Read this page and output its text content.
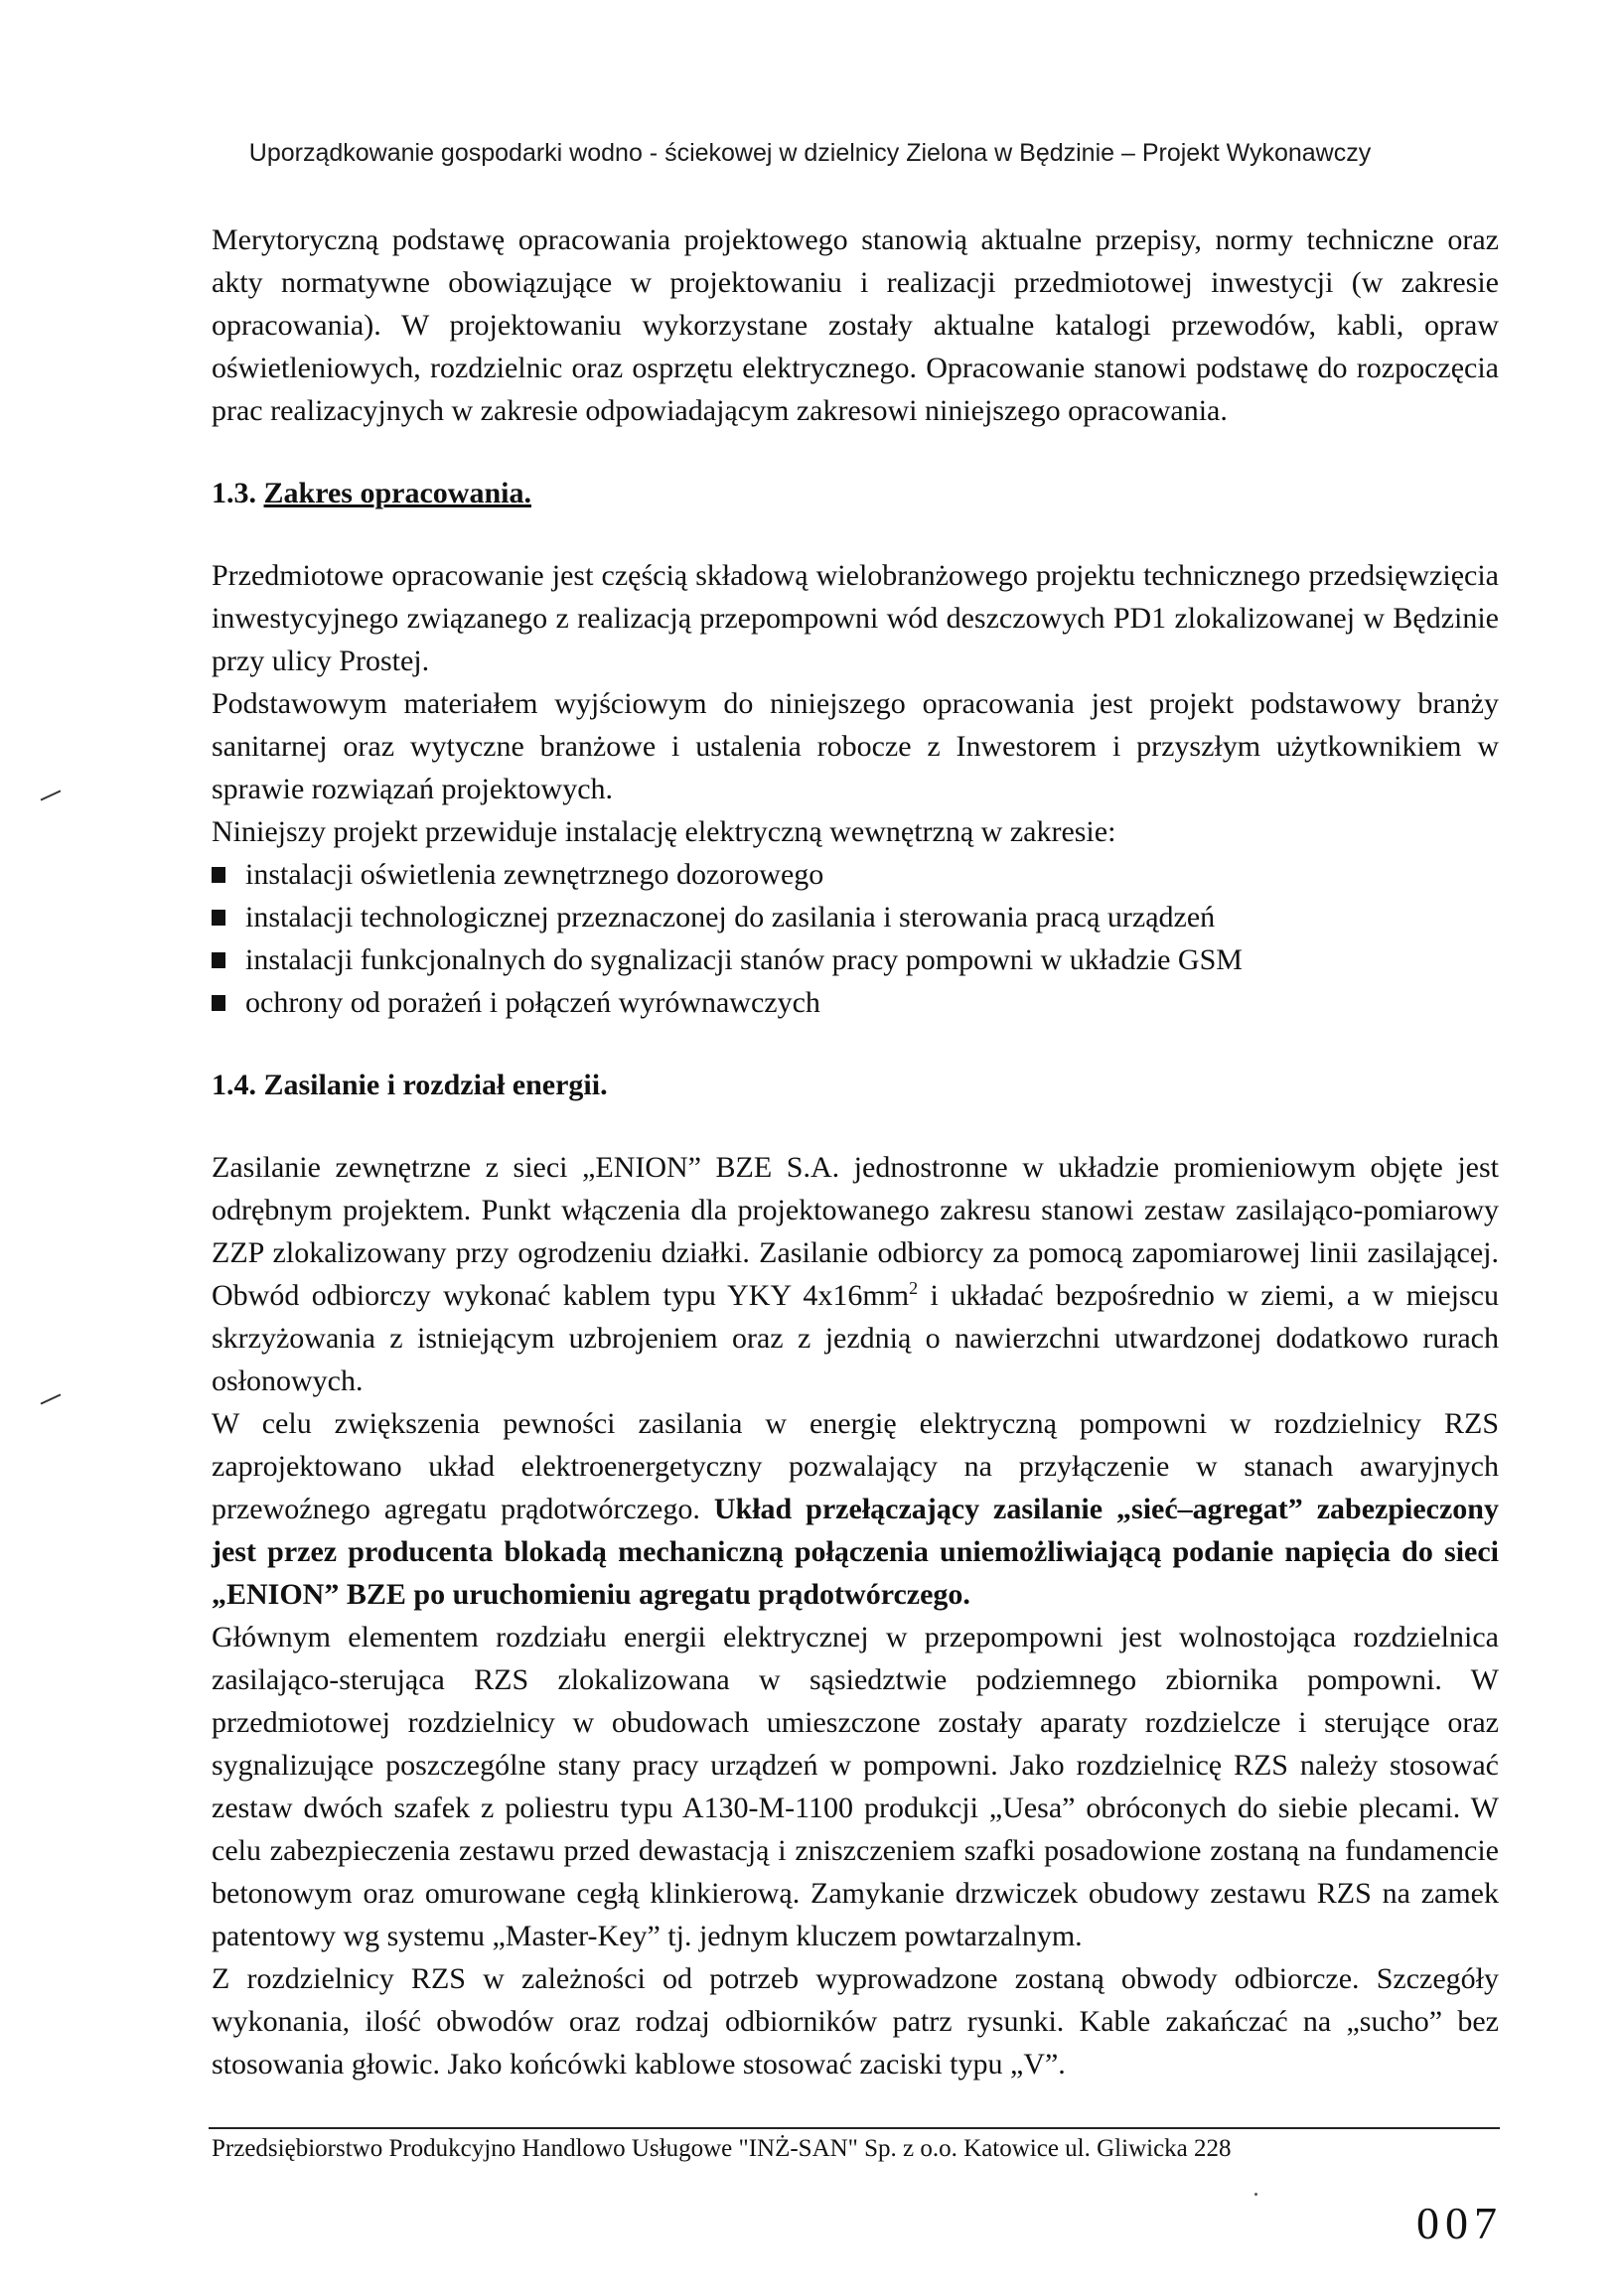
Uporządkowanie gospodarki wodno - ściekowej w dzielnicy Zielona w Będzinie – Projekt Wykonawczy

Merytoryczną podstawę opracowania projektowego stanowią aktualne przepisy, normy techniczne oraz akty normatywne obowiązujące w projektowaniu i realizacji przedmiotowej inwestycji (w zakresie opracowania). W projektowaniu wykorzystane zostały aktualne katalogi przewodów, kabli, opraw oświetleniowych, rozdzielnic oraz osprzętu elektrycznego. Opracowanie stanowi podstawę do rozpoczęcia prac realizacyjnych w zakresie odpowiadającym zakresowi niniejszego opracowania.

1.3. Zakres opracowania.

Przedmiotowe opracowanie jest częścią składową wielobranżowego projektu technicznego przedsięwzięcia inwestycyjnego związanego z realizacją przepompowni wód deszczowych PD1 zlokalizowanej w Będzinie przy ulicy Prostej.

Podstawowym materiałem wyjściowym do niniejszego opracowania jest projekt podstawowy branży sanitarnej oraz wytyczne branżowe i ustalenia robocze z Inwestorem i przyszłym użytkownikiem w sprawie rozwiązań projektowych.

Niniejszy projekt przewiduje instalację elektryczną wewnętrzną w zakresie:

instalacji oświetlenia zewnętrznego dozorowego
instalacji technologicznej przeznaczonej do zasilania i sterowania pracą urządzeń
instalacji funkcjonalnych do sygnalizacji stanów pracy pompowni w układzie GSM
ochrony od porażeń i połączeń wyrównawczych
1.4. Zasilanie i rozdział energii.

Zasilanie zewnętrzne z sieci „ENION” BZE S.A. jednostronne w układzie promieniowym objęte jest odrębnym projektem. Punkt włączenia dla projektowanego zakresu stanowi zestaw zasilająco-pomiarowy ZZP zlokalizowany przy ogrodzeniu działki. Zasilanie odbiorcy za pomocą zapomiarowej linii zasilającej. Obwód odbiorczy wykonać kablem typu YKY $4x16mm^2$ i układać bezpośrednio w ziemi, a w miejscu skrzyżowania z istniejącym uzbrojeniem oraz z jezdnią o nawierzchni utwardzonej dodatkowo rurach osłonowych.

W celu zwiększenia pewności zasilania w energię elektryczną pompowni w rozdzielnicy RZS zaprojektowano układ elektroenergetyczny pozwalający na przyłączenie w stanach awaryjnych przewoźnego agregatu prądotwórczego. Układ przełączający zasilanie „sieć–agregat” zabezpieczony jest przez producenta blokadą mechaniczną połączenia uniemożliwiającą podanie napięcia do sieci „ENION” BZE po uruchomieniu agregatu prądotwórczego.

Głównym elementem rozdziału energii elektrycznej w przepompowni jest wolnostojąca rozdzielnica zasilająco-sterująca RZS zlokalizowana w sąsiedztwie podziemnego zbiornika pompowni. W przedmiotowej rozdzielnicy w obudowach umieszczone zostały aparaty rozdzielcze i sterujące oraz sygnalizujące poszczególne stany pracy urządzeń w pompowni. Jako rozdzielnicę RZS należy stosować zestaw dwóch szafek z poliestru typu A130-M-1100 produkcji „Uesa” obróconych do siebie plecami. W celu zabezpieczenia zestawu przed dewastacją i zniszczeniem szafki posadowione zostaną na fundamencie betonowym oraz omurowane cegłą klinkierową. Zamykanie drzwiczek obudowy zestawu RZS na zamek patentowy wg systemu „Master-Key” tj. jednym kluczem powtarzalnym.

Z rozdzielnicy RZS w zależności od potrzeb wyprowadzone zostaną obwody odbiorcze. Szczegóły wykonania, ilość obwodów oraz rodzaj odbiorników patrz rysunki. Kable zakańczać na „sucho” bez stosowania głowic. Jako końcówki kablowe stosować zaciski typu „V”.

Przedsiębiorstwo Produkcyjno Handlowo Usługowe "INŻ-SAN" Sp. z o.o. Katowice ul. Gliwicka 228
007
